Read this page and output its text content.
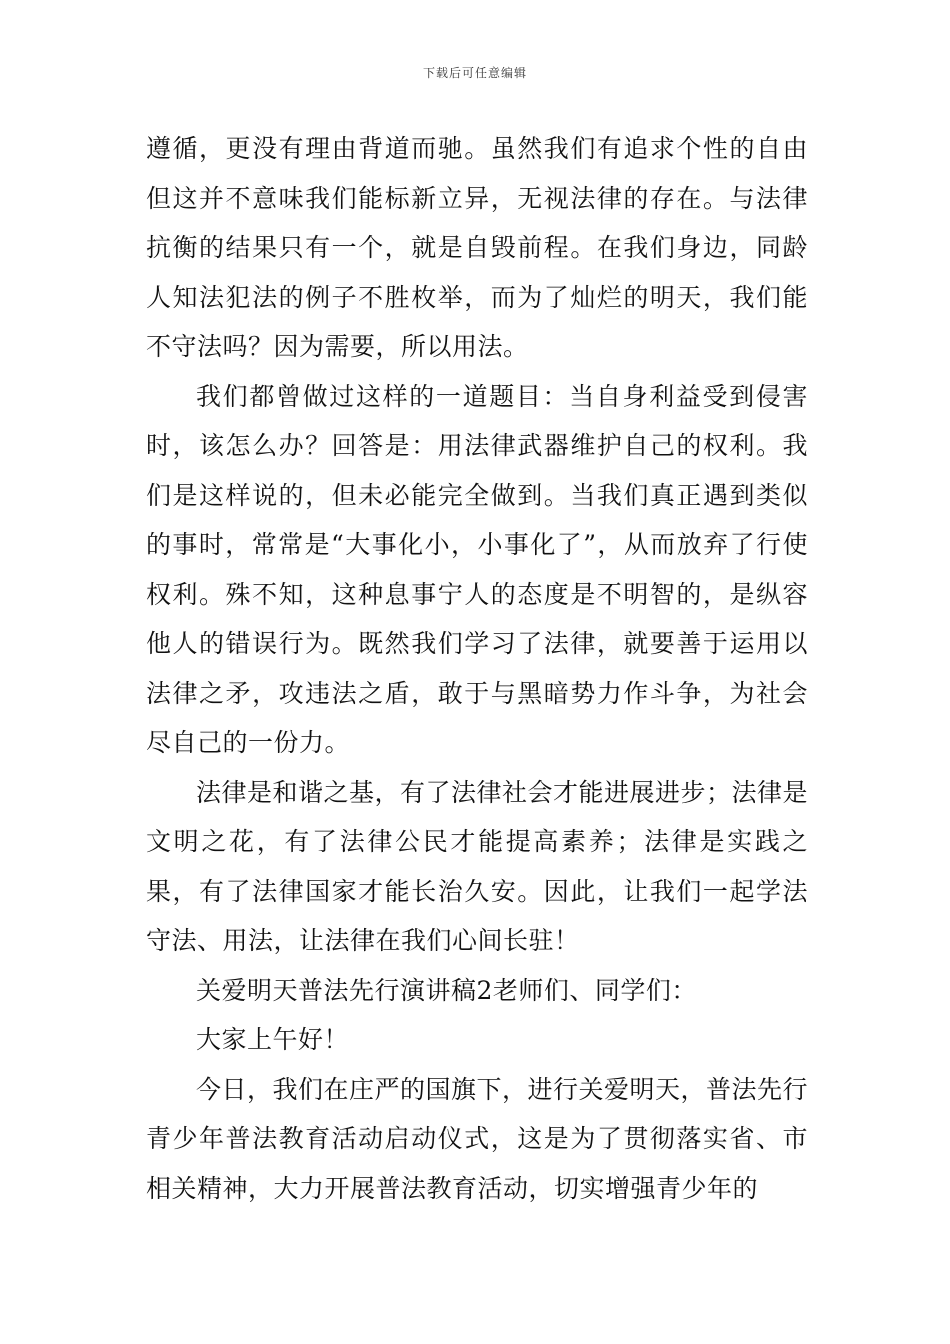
下载后可任意编辑

遵循，更没有理由背道而驰。虽然我们有追求个性的自由但这并不意味我们能标新立异，无视法律的存在。与法律抗衡的结果只有一个，就是自毁前程。在我们身边，同龄人知法犯法的例子不胜枚举，而为了灿烂的明天，我们能不守法吗？因为需要，所以用法。

我们都曾做过这样的一道题目：当自身利益受到侵害时，该怎么办？回答是：用法律武器维护自己的权利。我们是这样说的，但未必能完全做到。当我们真正遇到类似的事时，常常是“大事化小，小事化了”，从而放弃了行使权利。殊不知，这种息事宁人的态度是不明智的，是纵容他人的错误行为。既然我们学习了法律，就要善于运用以法律之矛，攻违法之盾，敢于与黑暗势力作斗争，为社会尽自己的一份力。

法律是和谐之基，有了法律社会才能进展进步；法律是文明之花，有了法律公民才能提高素养；法律是实践之果，有了法律国家才能长治久安。因此，让我们一起学法守法、用法，让法律在我们心间长驻！

关爱明天普法先行演讲稿2老师们、同学们：

大家上午好！

今日，我们在庄严的国旗下，进行关爱明天，普法先行青少年普法教育活动启动仪式，这是为了贯彻落实省、市相关精神，大力开展普法教育活动，切实增强青少年的
